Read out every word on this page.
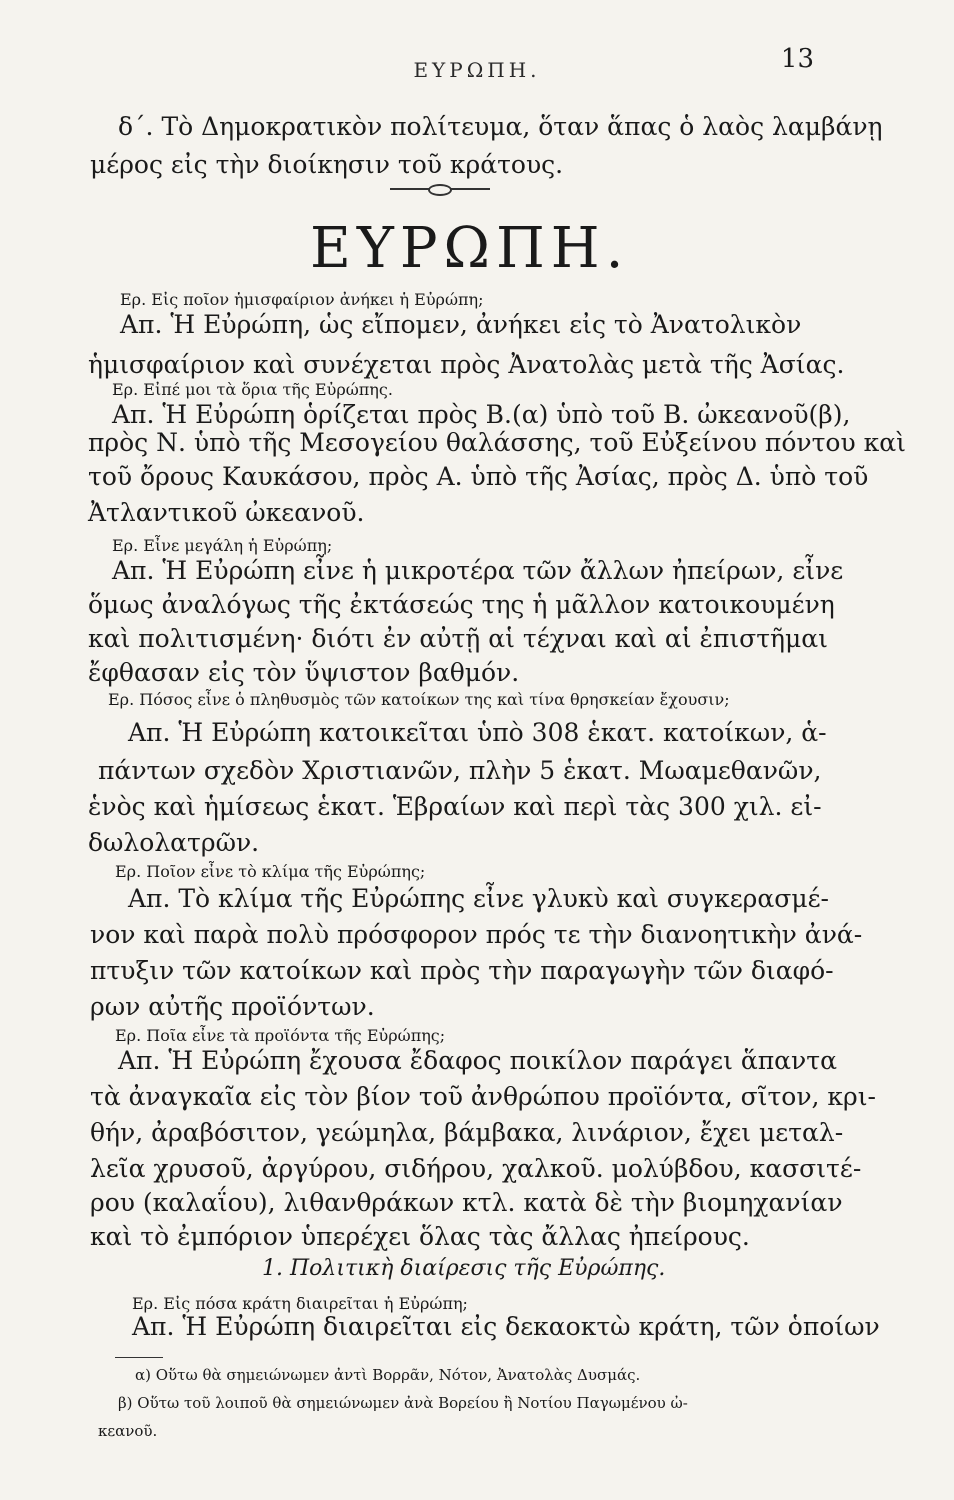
ΕΥΡΩΠΗ.	13
δ΄. Τὸ Δημοκρατικὸν πολίτευμα, ὅταν ἅπας ὁ λαὸς λαμβάνῃ
μέρος εἰς τὴν διοίκησιν τοῦ κράτους.
ΕΥΡΩΠΗ.
Ερ. Εἰς ποῖον ἡμισφαίριον ἀνήκει ἡ Εὐρώπη;
Απ. Ἡ Εὐρώπη, ὡς εἴπομεν, ἀνήκει εἰς τὸ Ἀνατολικὸν
ἡμισφαίριον καὶ συνέχεται πρὸς Ἀνατολὰς μετὰ τῆς Ἀσίας.
Ερ. Εἰπέ μοι τὰ ὅρια τῆς Εὐρώπης.
Απ. Ἡ Εὐρώπη ὁρίζεται πρὸς Β.(α) ὑπὸ τοῦ Β. ὠκεανοῦ(β),
πρὸς Ν. ὑπὸ τῆς Μεσογείου θαλάσσης, τοῦ Εὐξείνου πόντου καὶ
τοῦ ὄρους Καυκάσου, πρὸς Α. ὑπὸ τῆς Ἀσίας, πρὸς Δ. ὑπὸ τοῦ
Ἀτλαντικοῦ ὠκεανοῦ.
Ερ. Εἶνε μεγάλη ἡ Εὐρώπη;
Απ. Ἡ Εὐρώπη εἶνε ἡ μικροτέρα τῶν ἄλλων ἠπείρων, εἶνε
ὅμως ἀναλόγως τῆς ἐκτάσεώς της ἡ μᾶλλον κατοικουμένη
καὶ πολιτισμένη· διότι ἐν αὐτῇ αἱ τέχναι καὶ αἱ ἐπιστῆμαι
ἔφθασαν εἰς τὸν ὕψιστον βαθμόν.
Ερ. Πόσος εἶνε ὁ πληθυσμὸς τῶν κατοίκων της καὶ τίνα θρησκείαν ἔχουσιν;
Απ. Ἡ Εὐρώπη κατοικεῖται ὑπὸ 308 ἑκατ. κατοίκων, ἁ-
πάντων σχεδὸν Χριστιανῶν, πλὴν 5 ἑκατ. Μωαμεθανῶν,
ἑνὸς καὶ ἡμίσεως ἑκατ. Ἑβραίων καὶ περὶ τὰς 300 χιλ. εἰ-
δωλολατρῶν.
Ερ. Ποῖον εἶνε τὸ κλίμα τῆς Εὐρώπης;
Απ. Τὸ κλίμα τῆς Εὐρώπης εἶνε γλυκὺ καὶ συγκερασμέ-
νον καὶ παρὰ πολὺ πρόσφορον πρός τε τὴν διανοητικὴν ἀνά-
πτυξιν τῶν κατοίκων καὶ πρὸς τὴν παραγωγὴν τῶν διαφό-
ρων αὐτῆς προϊόντων.
Ερ. Ποῖα εἶνε τὰ προϊόντα τῆς Εὐρώπης;
Απ. Ἡ Εὐρώπη ἔχουσα ἔδαφος ποικίλον παράγει ἅπαντα
τὰ ἀναγκαῖα εἰς τὸν βίον τοῦ ἀνθρώπου προϊόντα, σῖτον, κρι-
θήν, ἀραβόσιτον, γεώμηλα, βάμβακα, λινάριον, ἔχει μεταλ-
λεῖα χρυσοῦ, ἀργύρου, σιδήρου, χαλκοῦ. μολύβδου, κασσιτέ-
ρου (καλαΐου), λιθανθράκων κτλ. κατὰ δὲ τὴν βιομηχανίαν
καὶ τὸ ἐμπόριον ὑπερέχει ὅλας τὰς ἄλλας ἠπείρους.
1. Πολιτικὴ διαίρεσις τῆς Εὐρώπης.
Ερ. Εἰς πόσα κράτη διαιρεῖται ἡ Εὐρώπη;
Απ. Ἡ Εὐρώπη διαιρεῖται εἰς δεκαοκτὼ κράτη, τῶν ὁποίων
α) Οὕτω θὰ σημειώνωμεν ἀντὶ Βορρᾶν, Νότον, Ἀνατολὰς Δυσμάς.
β) Οὕτω τοῦ λοιποῦ θὰ σημειώνωμεν ἀνὰ Βορείου ἢ Νοτίου Παγωμένου ὠ-
κεανοῦ.
